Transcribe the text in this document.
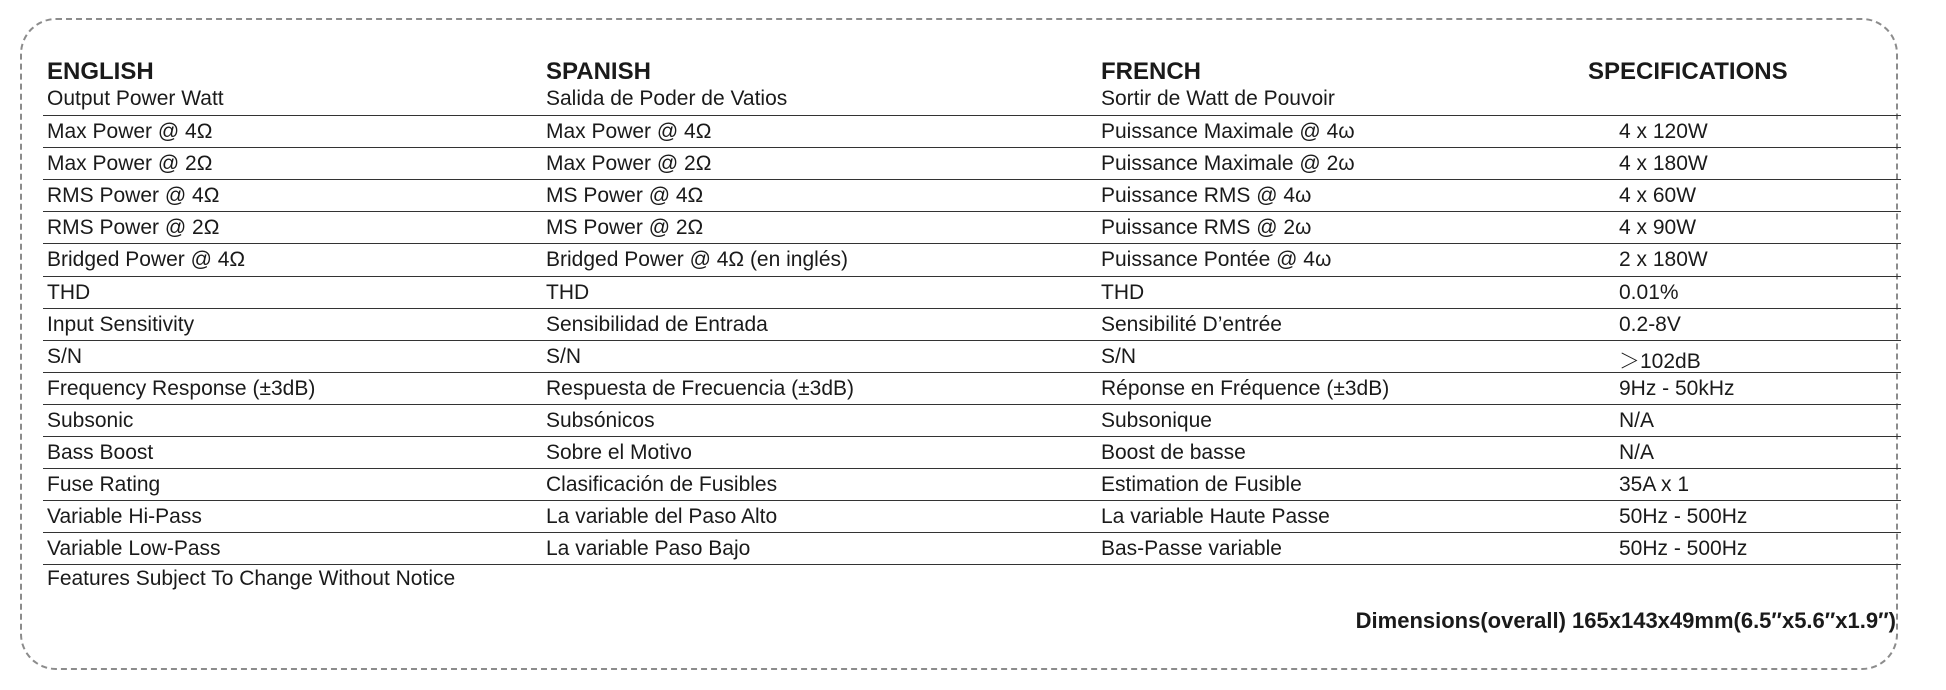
ENGLISH	SPANISH	FRENCH	SPECIFICATIONS
Output Power Watt	Salida de Poder de Vatios	Sortir de Watt de Pouvoir
Max Power @ 4Ω	Max Power @ 4Ω	Puissance Maximale @ 4ω	4 x 120W
Max Power @ 2Ω	Max Power @ 2Ω	Puissance Maximale @ 2ω	4 x 180W
RMS Power @ 4Ω	MS Power @ 4Ω	Puissance RMS @ 4ω	4 x 60W
RMS Power @ 2Ω	MS Power @ 2Ω	Puissance RMS @ 2ω	4 x 90W
Bridged Power @ 4Ω	Bridged Power @ 4Ω (en inglés)	Puissance Pontée @ 4ω	2 x 180W
THD	THD	THD	0.01%
Input Sensitivity	Sensibilidad de Entrada	Sensibilité D’entrée	0.2-8V
S/N	S/N	S/N	＞102dB
Frequency Response (±3dB)	Respuesta de Frecuencia (±3dB)	Réponse en Fréquence (±3dB)	9Hz - 50kHz
Subsonic	Subsónicos	Subsonique	N/A
Bass Boost	Sobre el Motivo	Boost de basse	N/A
Fuse Rating	Clasificación de Fusibles	Estimation de Fusible	35A x 1
Variable Hi-Pass	La variable del Paso Alto	La variable Haute Passe	50Hz - 500Hz
Variable Low-Pass	La variable Paso Bajo	Bas-Passe variable	50Hz - 500Hz
Features Subject To Change Without Notice
Dimensions(overall) 165x143x49mm(6.5″x5.6″x1.9″)
